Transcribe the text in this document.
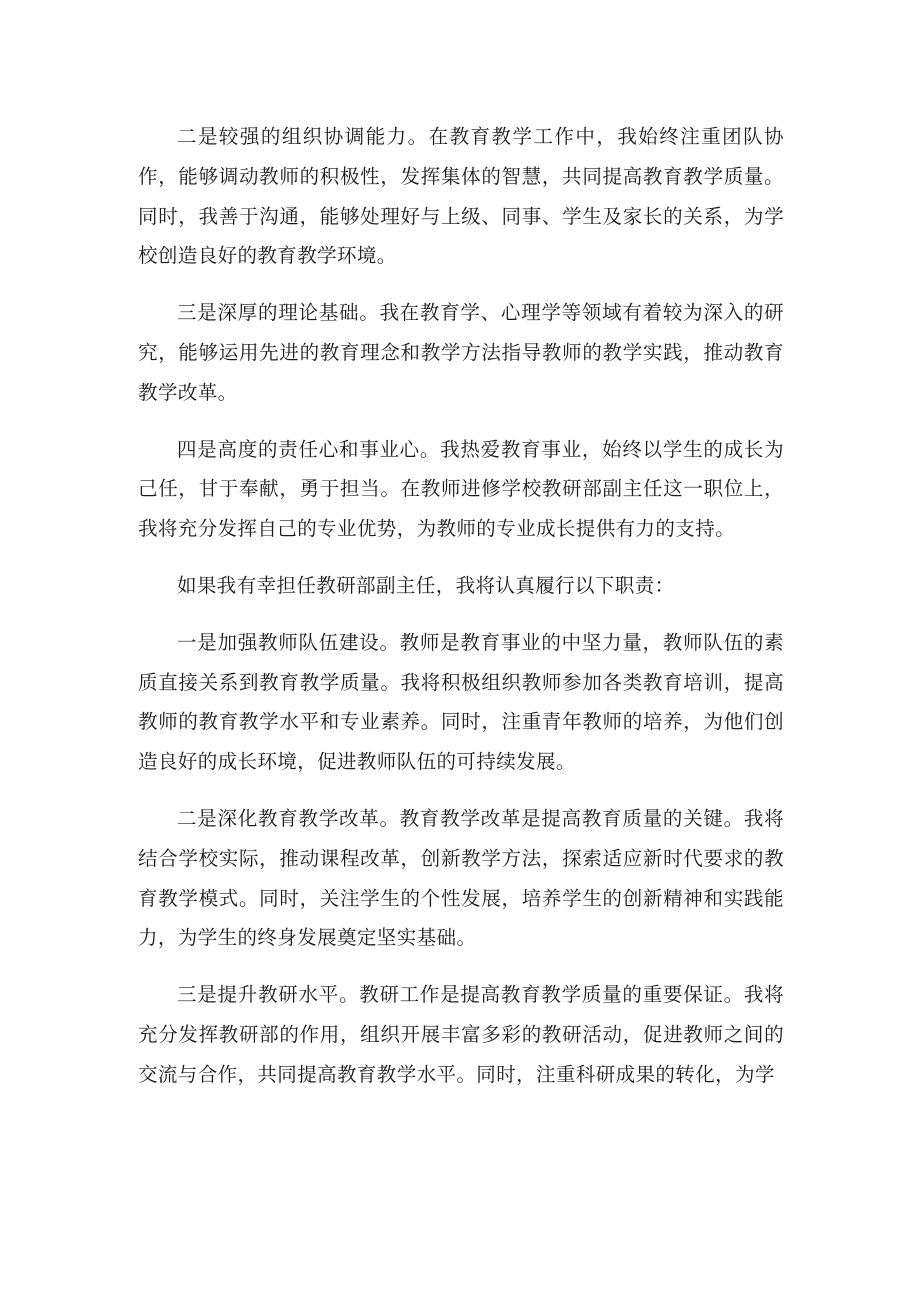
二是较强的组织协调能力。在教育教学工作中，我始终注重团队协作，能够调动教师的积极性，发挥集体的智慧，共同提高教育教学质量。同时，我善于沟通，能够处理好与上级、同事、学生及家长的关系，为学校创造良好的教育教学环境。

三是深厚的理论基础。我在教育学、心理学等领域有着较为深入的研究，能够运用先进的教育理念和教学方法指导教师的教学实践，推动教育教学改革。

四是高度的责任心和事业心。我热爱教育事业，始终以学生的成长为己任，甘于奉献，勇于担当。在教师进修学校教研部副主任这一职位上，我将充分发挥自己的专业优势，为教师的专业成长提供有力的支持。

如果我有幸担任教研部副主任，我将认真履行以下职责：

一是加强教师队伍建设。教师是教育事业的中坚力量，教师队伍的素质直接关系到教育教学质量。我将积极组织教师参加各类教育培训，提高教师的教育教学水平和专业素养。同时，注重青年教师的培养，为他们创造良好的成长环境，促进教师队伍的可持续发展。

二是深化教育教学改革。教育教学改革是提高教育质量的关键。我将结合学校实际，推动课程改革，创新教学方法，探索适应新时代要求的教育教学模式。同时，关注学生的个性发展，培养学生的创新精神和实践能力，为学生的终身发展奠定坚实基础。

三是提升教研水平。教研工作是提高教育教学质量的重要保证。我将充分发挥教研部的作用，组织开展丰富多彩的教研活动，促进教师之间的交流与合作，共同提高教育教学水平。同时，注重科研成果的转化，为学
